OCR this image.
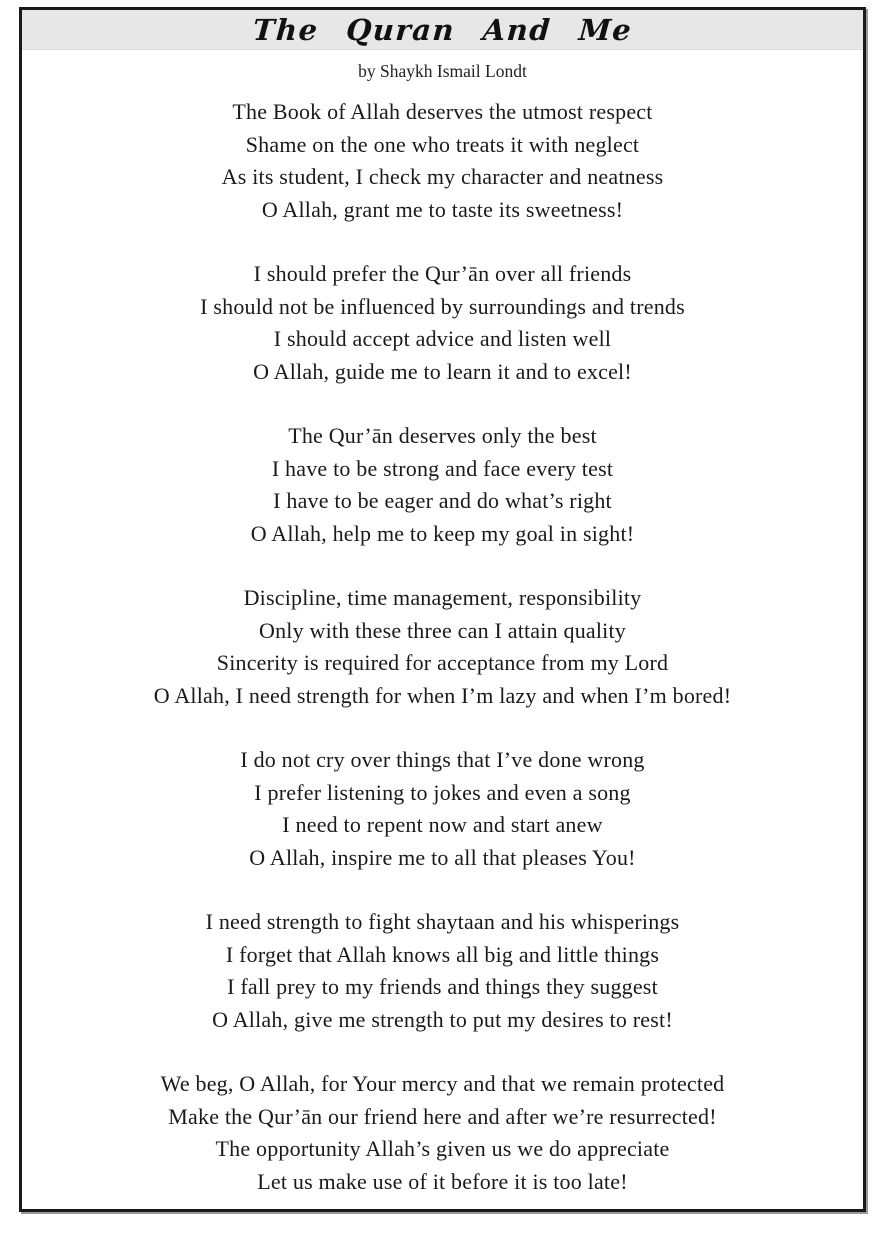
The Quran And Me
by Shaykh Ismail Londt
The Book of Allah deserves the utmost respect
Shame on the one who treats it with neglect
As its student, I check my character and neatness
O Allah, grant me to taste its sweetness!
I should prefer the Qur’ān over all friends
I should not be influenced by surroundings and trends
I should accept advice and listen well
O Allah, guide me to learn it and to excel!
The Qur’ān deserves only the best
I have to be strong and face every test
I have to be eager and do what’s right
O Allah, help me to keep my goal in sight!
Discipline, time management, responsibility
Only with these three can I attain quality
Sincerity is required for acceptance from my Lord
O Allah, I need strength for when I’m lazy and when I’m bored!
I do not cry over things that I’ve done wrong
I prefer listening to jokes and even a song
I need to repent now and start anew
O Allah, inspire me to all that pleases You!
I need strength to fight shaytaan and his whisperings
I forget that Allah knows all big and little things
I fall prey to my friends and things they suggest
O Allah, give me strength to put my desires to rest!
We beg, O Allah, for Your mercy and that we remain protected
Make the Qur’ān our friend here and after we’re resurrected!
The opportunity Allah’s given us we do appreciate
Let us make use of it before it is too late!
